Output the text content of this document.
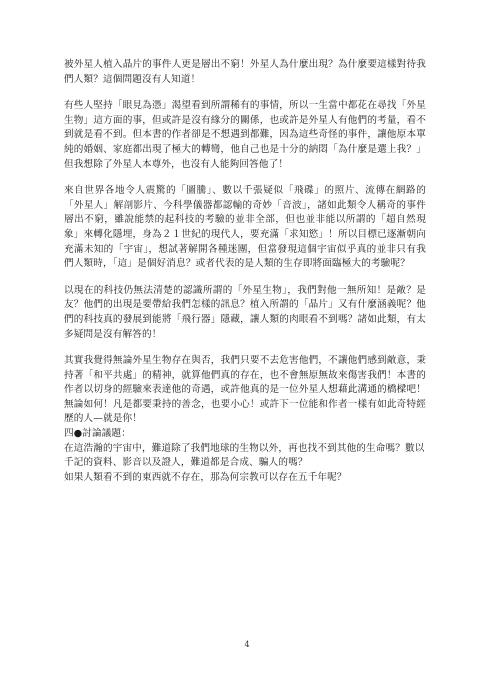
被外星人植入晶片的事件人更是層出不窮！外星人為什麼出現？為什麼要這樣對待我們人類？這個問題沒有人知道！

有些人堅持「眼見為憑」渴望看到所謂稀有的事情，所以一生當中都花在尋找「外星生物」這方面的事，但或許是沒有緣分的關係，也或許是外星人有他們的考量，看不到就是看不到。但本書的作者卻是不想遇到都難，因為這些奇怪的事件，讓他原本單純的婚姻、家庭都出現了極大的轉彎，他自己也是十分的納悶「為什麼是選上我？」但我想除了外星人本尊外，也沒有人能夠回答他了！

來自世界各地令人震驚的「圖騰」、數以千張疑似「飛碟」的照片、流傳在網路的「外星人」解剖影片、今科學儀器都認輸的奇妙「音波」，諸如此類令人稱奇的事件層出不窮，雖說能禁的起科技的考驗的並非全部，但也並非能以所謂的「超自然現象」來轉化隱埋，身為２１世紀的現代人，要充滿「求知慾」！所以目標已逐漸朝向充滿未知的「宇宙」，想試著解開各種迷團，但當發現這個宇宙似乎真的並非只有我們人類時，「這」是個好消息？或者代表的是人類的生存即將面臨極大的考驗呢？

以現在的科技仍無法清楚的認識所謂的「外星生物」，我們對他一無所知！是敵？是友？他們的出現是要帶給我們怎樣的訊息？植入所謂的「晶片」又有什麼涵義呢？他們的科技真的發展到能將「飛行器」隱藏，讓人類的肉眼看不到嗎？諸如此類，有太多疑問是沒有解答的！

其實我覺得無論外星生物存在與否，我們只要不去危害他們，不讓他們感到敵意，秉持著「和平共處」的精神，就算他們真的存在，也不會無原無故來傷害我們！本書的作者以切身的經驗來表達他的奇遇，或許他真的是一位外星人想藉此溝通的橋樑吧！無論如何！凡是都要秉持的善念，也要小心！或許下一位能和作者一樣有如此奇特經歷的人—就是你！

四●討論議題：

在這浩瀚的宇宙中，難道除了我們地球的生物以外，再也找不到其他的生命嗎？數以千記的資料、影音以及證人，難道都是合成、騙人的嗎？

如果人類看不到的東西就不存在，那為何宗教可以存在五千年呢？

4
